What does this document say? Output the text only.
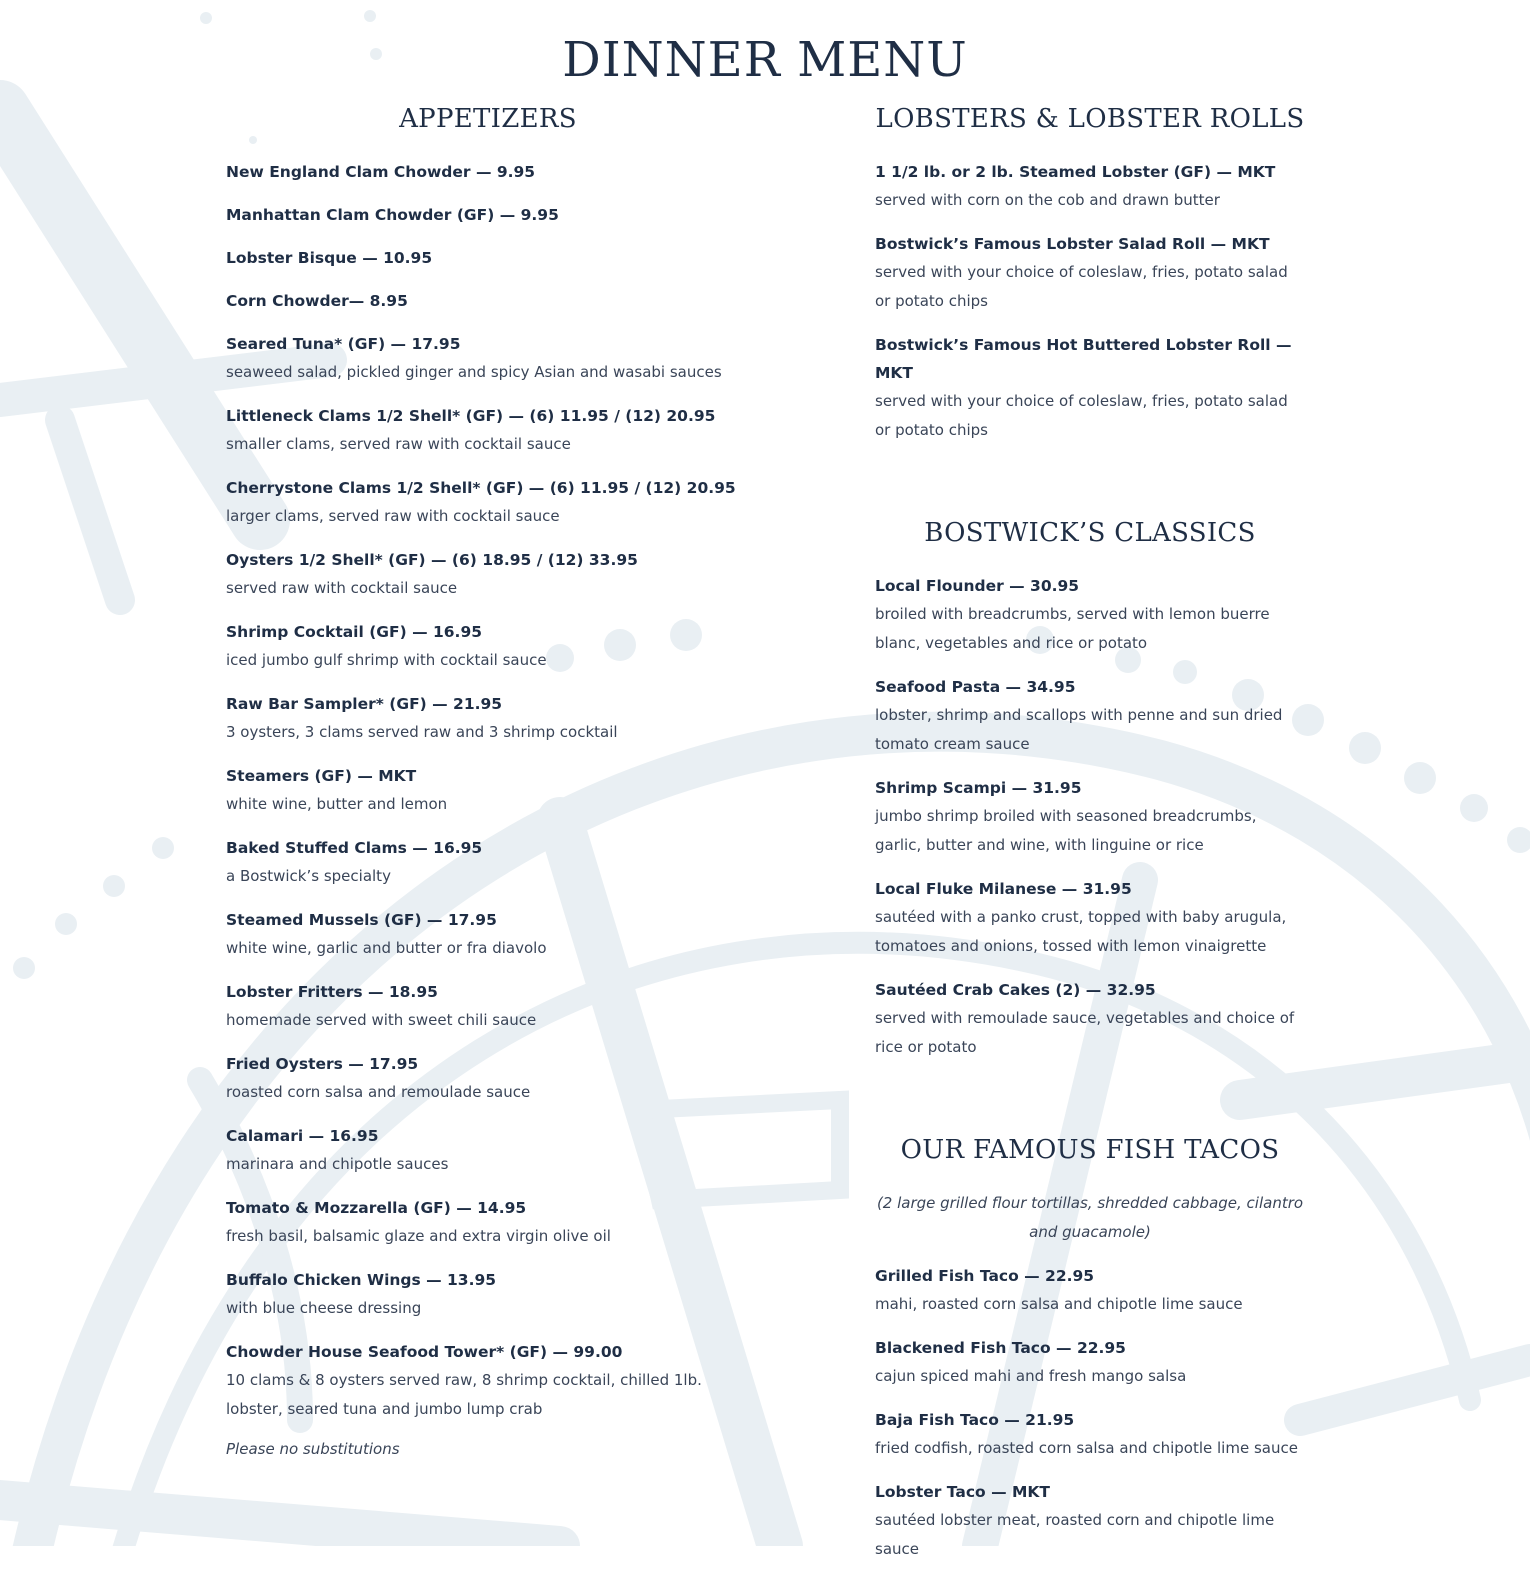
DINNER MENU
APPETIZERS
New England Clam Chowder — 9.95
Manhattan Clam Chowder (GF) — 9.95
Lobster Bisque — 10.95
Corn Chowder— 8.95
Seared Tuna* (GF) — 17.95
seaweed salad, pickled ginger and spicy Asian and wasabi sauces
Littleneck Clams 1/2 Shell* (GF) — (6) 11.95 / (12) 20.95
smaller clams, served raw with cocktail sauce
Cherrystone Clams 1/2 Shell* (GF) — (6) 11.95 / (12) 20.95
larger clams, served raw with cocktail sauce
Oysters 1/2 Shell* (GF) — (6) 18.95 / (12) 33.95
served raw with cocktail sauce
Shrimp Cocktail (GF) — 16.95
iced jumbo gulf shrimp with cocktail sauce
Raw Bar Sampler* (GF) — 21.95
3 oysters, 3 clams served raw and 3 shrimp cocktail
Steamers (GF) — MKT
white wine, butter and lemon
Baked Stuffed Clams — 16.95
a Bostwick’s specialty
Steamed Mussels (GF) — 17.95
white wine, garlic and butter or fra diavolo
Lobster Fritters — 18.95
homemade served with sweet chili sauce
Fried Oysters — 17.95
roasted corn salsa and remoulade sauce
Calamari — 16.95
marinara and chipotle sauces
Tomato & Mozzarella (GF) — 14.95
fresh basil, balsamic glaze and extra virgin olive oil
Buffalo Chicken Wings — 13.95
with blue cheese dressing
Chowder House Seafood Tower* (GF) — 99.00
10 clams & 8 oysters served raw, 8 shrimp cocktail, chilled 1lb. lobster, seared tuna and jumbo lump crab
Please no substitutions
LOBSTERS & LOBSTER ROLLS
1 1/2 lb. or 2 lb. Steamed Lobster (GF) — MKT
served with corn on the cob and drawn butter
Bostwick’s Famous Lobster Salad Roll — MKT
served with your choice of coleslaw, fries, potato salad or potato chips
Bostwick’s Famous Hot Buttered Lobster Roll — MKT
served with your choice of coleslaw, fries, potato salad or potato chips
BOSTWICK’S CLASSICS
Local Flounder — 30.95
broiled with breadcrumbs, served with lemon buerre blanc, vegetables and rice or potato
Seafood Pasta — 34.95
lobster, shrimp and scallops with penne and sun dried tomato cream sauce
Shrimp Scampi — 31.95
jumbo shrimp broiled with seasoned breadcrumbs, garlic, butter and wine, with linguine or rice
Local Fluke Milanese — 31.95
sautéed with a panko crust, topped with baby arugula, tomatoes and onions, tossed with lemon vinaigrette
Sautéed Crab Cakes (2) — 32.95
served with remoulade sauce, vegetables and choice of rice or potato
OUR FAMOUS FISH TACOS
(2 large grilled flour tortillas, shredded cabbage, cilantro and guacamole)
Grilled Fish Taco — 22.95
mahi, roasted corn salsa and chipotle lime sauce
Blackened Fish Taco — 22.95
cajun spiced mahi and fresh mango salsa
Baja Fish Taco — 21.95
fried codfish, roasted corn salsa and chipotle lime sauce
Lobster Taco — MKT
sautéed lobster meat, roasted corn and chipotle lime sauce
